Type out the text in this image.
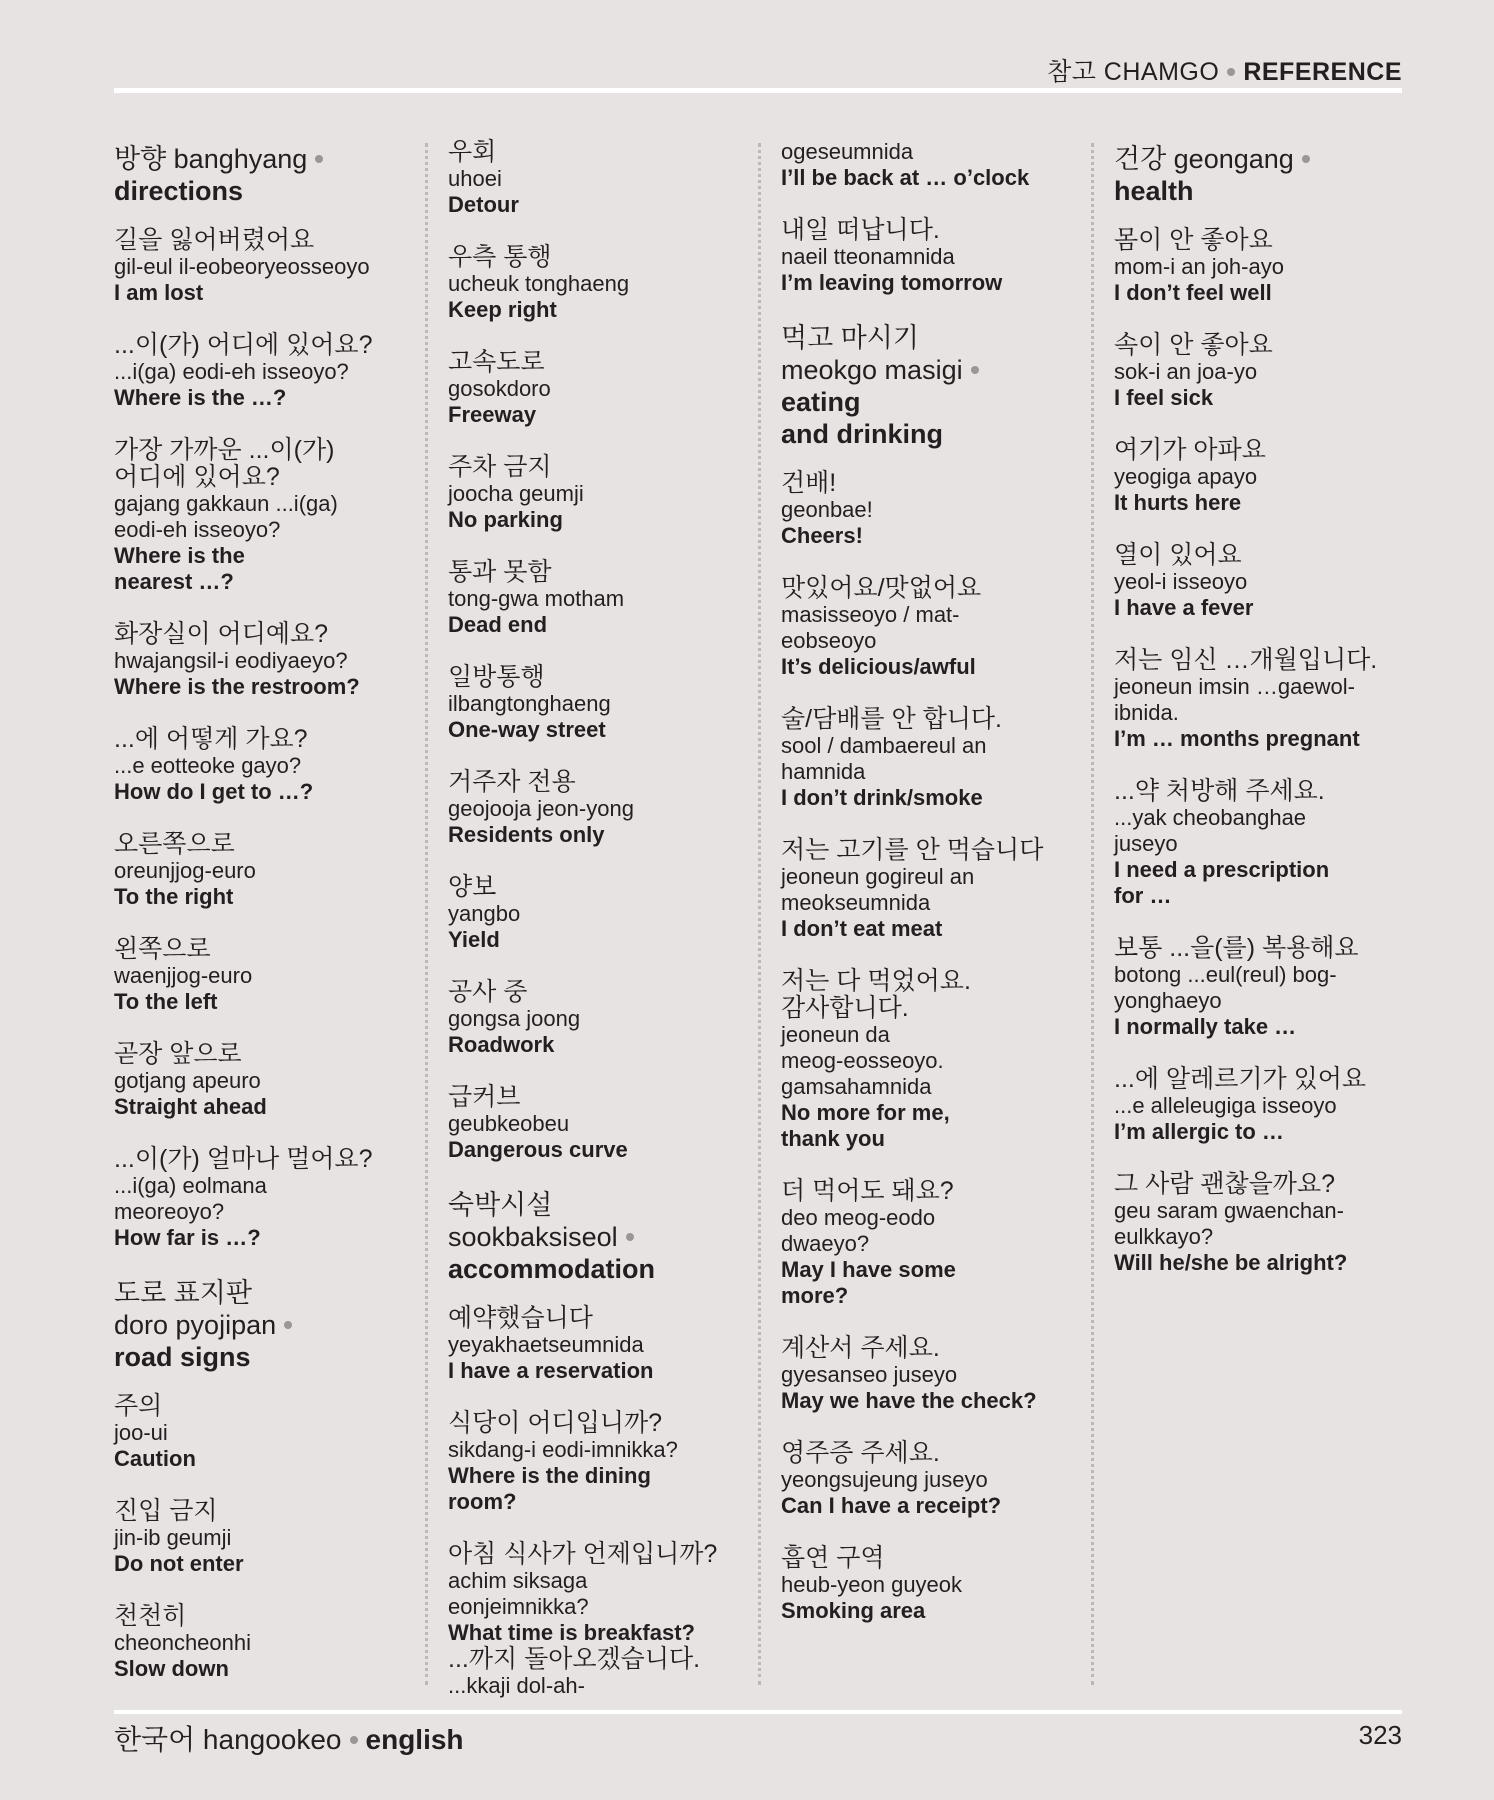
참고 CHAMGO REFERENCE
방향 banghyang
directions
길을 잃어버렸어요
gil-eul il-eobeoryeosseoyo
I am lost
...이(가) 어디에 있어요?
...i(ga) eodi-eh isseoyo?
Where is the …?
가장 가까운 ...이(가)
어디에 있어요?
gajang gakkaun ...i(ga)
eodi-eh isseoyo?
Where is the
nearest …?
화장실이 어디예요?
hwajangsil-i eodiyaeyo?
Where is the restroom?
...에 어떻게 가요?
...e eotteoke gayo?
How do I get to …?
오른쪽으로
oreunjjog-euro
To the right
왼쪽으로
waenjjog-euro
To the left
곧장 앞으로
gotjang apeuro
Straight ahead
...이(가) 얼마나 멀어요?
...i(ga) eolmana
meoreoyo?
How far is …?
도로 표지판
doro pyojipan
road signs
주의
joo-ui
Caution
진입 금지
jin-ib geumji
Do not enter
천천히
cheoncheonhi
Slow down
우회
uhoei
Detour
우측 통행
ucheuk tonghaeng
Keep right
고속도로
gosokdoro
Freeway
주차 금지
joocha geumji
No parking
통과 못함
tong-gwa motham
Dead end
일방통행
ilbangtonghaeng
One-way street
거주자 전용
geojooja jeon-yong
Residents only
양보
yangbo
Yield
공사 중
gongsa joong
Roadwork
급커브
geubkeobeu
Dangerous curve
숙박시설
sookbaksiseol
accommodation
예약했습니다
yeyakhaetseumnida
I have a reservation
식당이 어디입니까?
sikdang-i eodi-imnikka?
Where is the dining
room?
아침 식사가 언제입니까?
achim siksaga
eonjeimnikka?
What time is breakfast?
...까지 돌아오겠습니다.
...kkaji dol-ah-
ogeseumnida
I’ll be back at … o’clock
내일 떠납니다.
naeil tteonamnida
I’m leaving tomorrow
먹고 마시기
meokgo masigi
eating
and drinking
건배!
geonbae!
Cheers!
맛있어요/맛없어요
masisseoyo / mat-
eobseoyo
It’s delicious/awful
술/담배를 안 합니다.
sool / dambaereul an
hamnida
I don’t drink/smoke
저는 고기를 안 먹습니다
jeoneun gogireul an
meokseumnida
I don’t eat meat
저는 다 먹었어요.
감사합니다.
jeoneun da
meog-eosseoyo.
gamsahamnida
No more for me,
thank you
더 먹어도 돼요?
deo meog-eodo
dwaeyo?
May I have some
more?
계산서 주세요.
gyesanseo juseyo
May we have the check?
영주증 주세요.
yeongsujeung juseyo
Can I have a receipt?
흡연 구역
heub-yeon guyeok
Smoking area
건강 geongang
health
몸이 안 좋아요
mom-i an joh-ayo
I don’t feel well
속이 안 좋아요
sok-i an joa-yo
I feel sick
여기가 아파요
yeogiga apayo
It hurts here
열이 있어요
yeol-i isseoyo
I have a fever
저는 임신 …개월입니다.
jeoneun imsin …gaewol-
ibnida.
I’m … months pregnant
...약 처방해 주세요.
...yak cheobanghae
juseyo
I need a prescription
for …
보통 ...을(를) 복용해요
botong ...eul(reul) bog-
yonghaeyo
I normally take …
...에 알레르기가 있어요
...e alleleugiga isseoyo
I’m allergic to …
그 사람 괜찮을까요?
geu saram gwaenchan-
eulkkayo?
Will he/she be alright?
한국어 hangookeo english	323
